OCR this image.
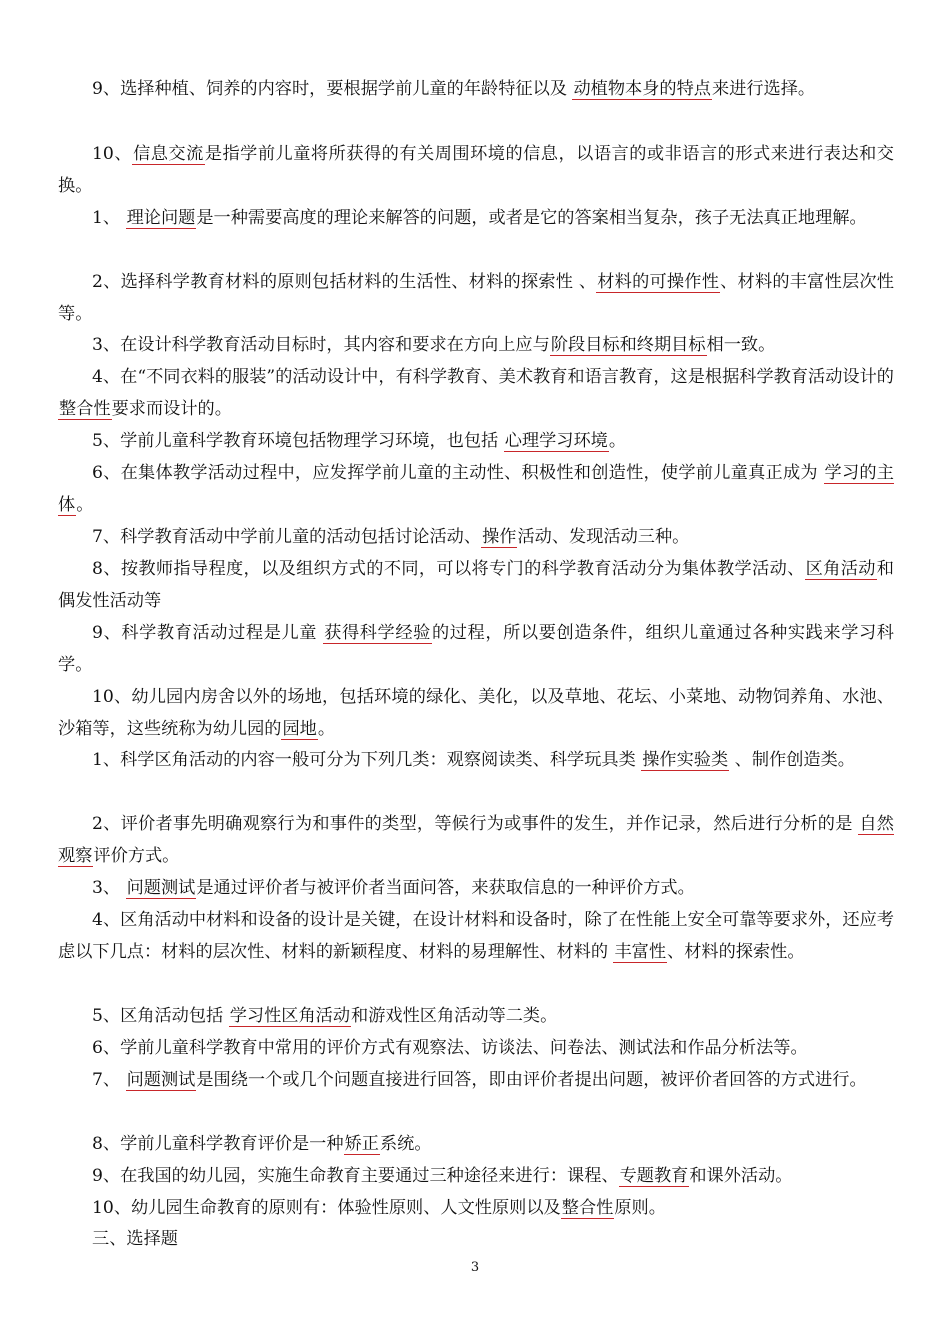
9、选择种植、饲养的内容时，要根据学前儿童的年龄特征以及 动植物本身的特点来进行选择。

10、信息交流是指学前儿童将所获得的有关周围环境的信息，以语言的或非语言的形式来进行表达和交换。

1、 理论问题是一种需要高度的理论来解答的问题，或者是它的答案相当复杂，孩子无法真正地理解。

2、选择科学教育材料的原则包括材料的生活性、材料的探索性 、材料的可操作性、材料的丰富性层次性等。

3、在设计科学教育活动目标时，其内容和要求在方向上应与阶段目标和终期目标相一致。

4、在“不同衣料的服装”的活动设计中，有科学教育、美术教育和语言教育，这是根据科学教育活动设计的 整合性要求而设计的。

5、学前儿童科学教育环境包括物理学习环境，也包括 心理学习环境。

6、在集体教学活动过程中，应发挥学前儿童的主动性、积极性和创造性，使学前儿童真正成为 学习的主体。

7、科学教育活动中学前儿童的活动包括讨论活动、操作活动、发现活动三种。

8、按教师指导程度，以及组织方式的不同，可以将专门的科学教育活动分为集体教学活动、区角活动和偶发性活动等

9、科学教育活动过程是儿童 获得科学经验的过程，所以要创造条件，组织儿童通过各种实践来学习科学。

10、幼儿园内房舍以外的场地，包括环境的绿化、美化，以及草地、花坛、小菜地、动物饲养角、水池、沙箱等，这些统称为幼儿园的园地。

1、科学区角活动的内容一般可分为下列几类：观察阅读类、科学玩具类 操作实验类 、制作创造类。

2、评价者事先明确观察行为和事件的类型，等候行为或事件的发生，并作记录，然后进行分析的是 自然观察评价方式。

3、 问题测试是通过评价者与被评价者当面问答，来获取信息的一种评价方式。

4、区角活动中材料和设备的设计是关键，在设计材料和设备时，除了在性能上安全可靠等要求外，还应考虑以下几点：材料的层次性、材料的新颖程度、材料的易理解性、材料的 丰富性、材料的探索性。

5、区角活动包括 学习性区角活动和游戏性区角活动等二类。

6、学前儿童科学教育中常用的评价方式有观察法、访谈法、问卷法、测试法和作品分析法等。

7、 问题测试是围绕一个或几个问题直接进行回答，即由评价者提出问题，被评价者回答的方式进行。

8、学前儿童科学教育评价是一种矫正系统。

9、在我国的幼儿园，实施生命教育主要通过三种途径来进行：课程、专题教育和课外活动。

10、幼儿园生命教育的原则有：体验性原则、人文性原则以及整合性原则。

三、选择题

3
